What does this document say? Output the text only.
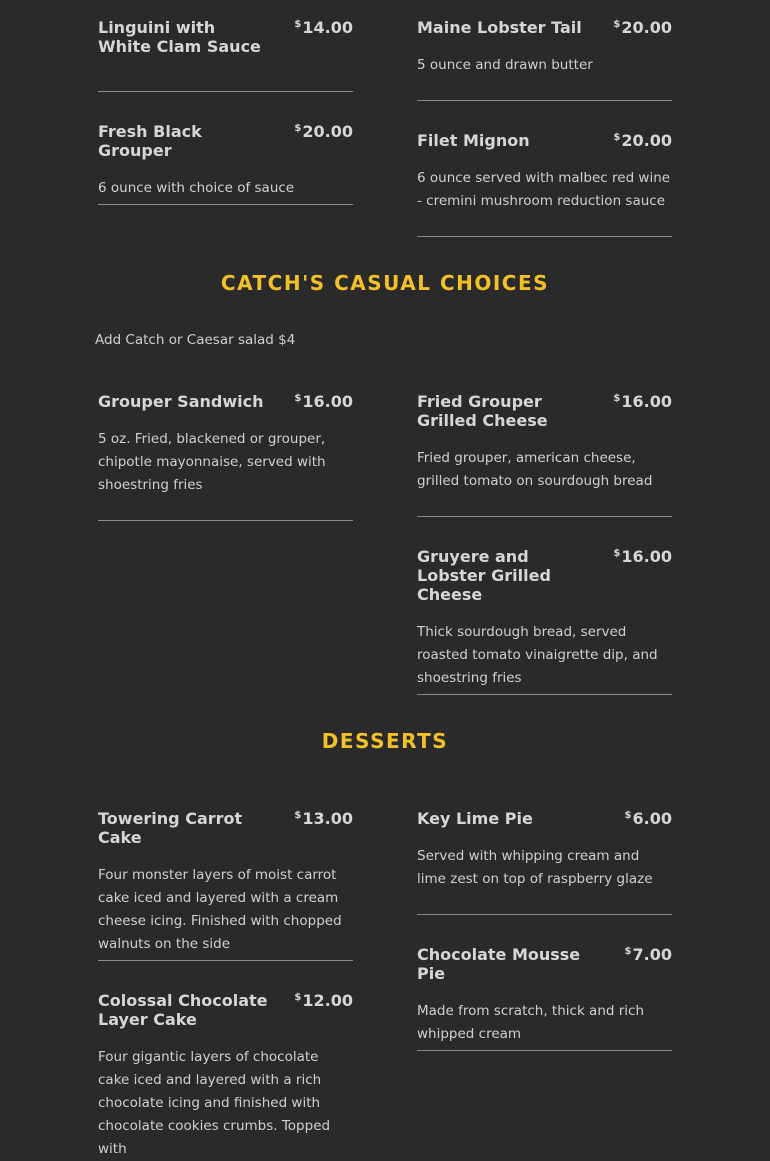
Linguini with White Clam Sauce
$14.00	Maine Lobster Tail	$20.00
5 ounce and drawn butter
Fresh Black Grouper
$20.00
6 ounce with choice of sauce
Filet Mignon	$20.00
6 ounce served with malbec red wine - cremini mushroom reduction sauce
CATCH'S CASUAL CHOICES
Add Catch or Caesar salad $4
Grouper Sandwich	$16.00
5 oz. Fried, blackened or grouper, chipotle mayonnaise, served with shoestring fries
Fried Grouper Grilled Cheese
$16.00
Fried grouper, american cheese, grilled tomato on sourdough bread
Gruyere and Lobster Grilled Cheese
$16.00
Thick sourdough bread, served roasted tomato vinaigrette dip, and shoestring fries
DESSERTS
Towering Carrot Cake
$13.00
Four monster layers of moist carrot cake iced and layered with a cream cheese icing. Finished with chopped walnuts on the side
Key Lime Pie	$6.00
Served with whipping cream and lime zest on top of raspberry glaze
Chocolate Mousse Pie
$7.00
Made from scratch, thick and rich whipped cream
Colossal Chocolate Layer Cake
$12.00
Four gigantic layers of chocolate cake iced and layered with a rich chocolate icing and finished with chocolate cookies crumbs. Topped with
